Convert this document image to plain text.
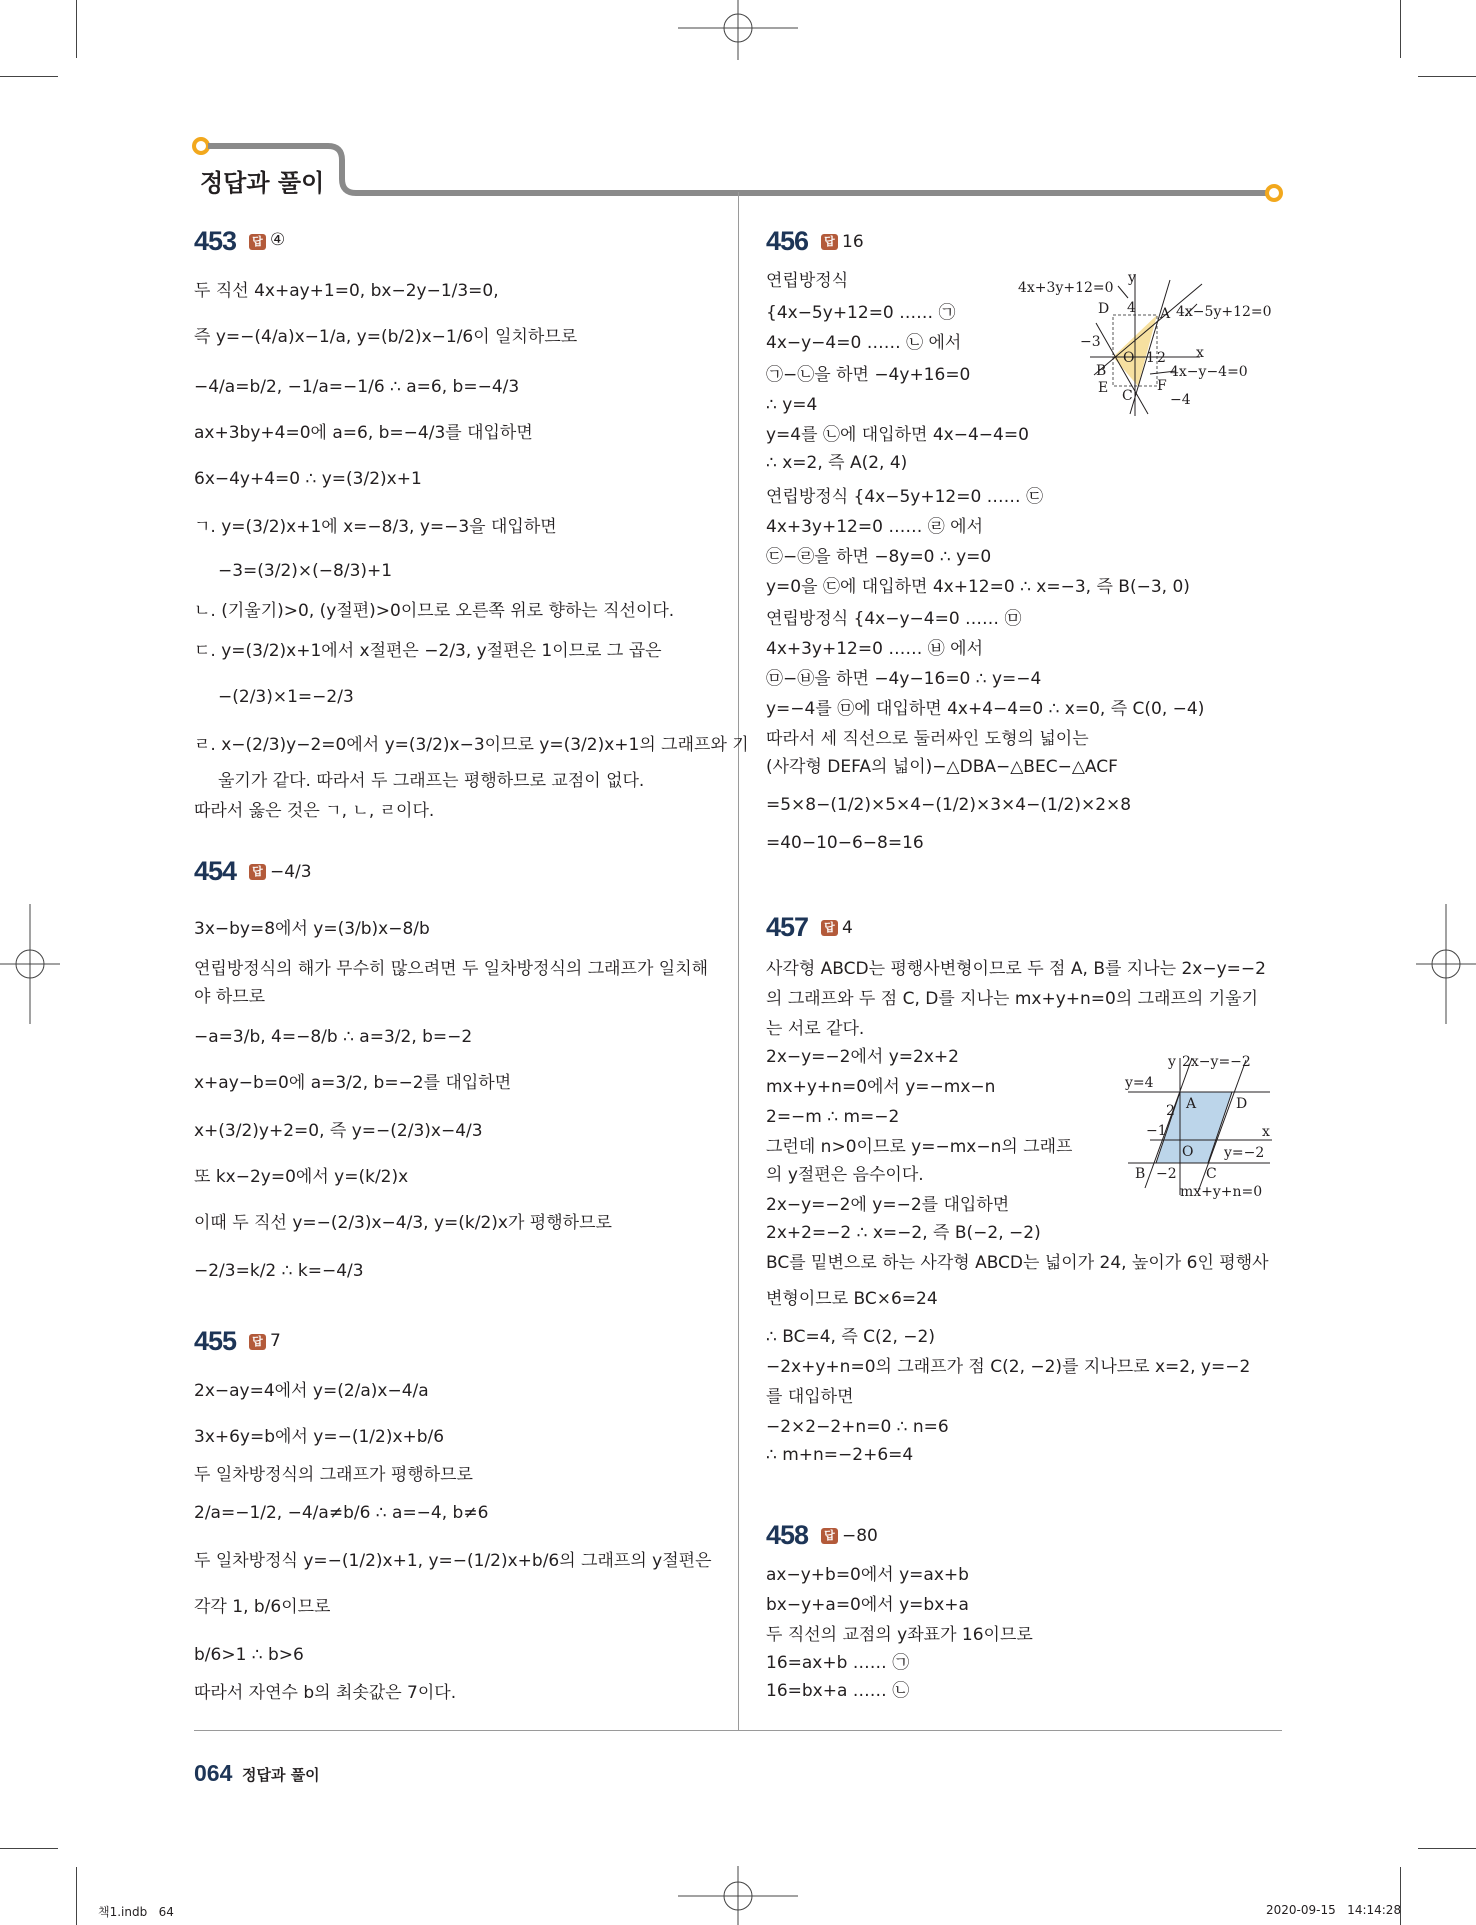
정답과 풀이
453 답 ④
두 직선 4x+ay+1=0, bx−2y−1/3=0,
즉 y=−(4/a)x−1/a, y=(b/2)x−1/6이 일치하므로
−4/a=b/2, −1/a=−1/6 ∴ a=6, b=−4/3
ax+3by+4=0에 a=6, b=−4/3를 대입하면
6x−4y+4=0 ∴ y=(3/2)x+1
ㄱ. y=(3/2)x+1에 x=−8/3, y=−3을 대입하면
−3=(3/2)×(−8/3)+1
ㄴ. (기울기)>0, (y절편)>0이므로 오른쪽 위로 향하는 직선이다.
ㄷ. y=(3/2)x+1에서 x절편은 −2/3, y절편은 1이므로 그 곱은
−(2/3)×1=−2/3
ㄹ. x−(2/3)y−2=0에서 y=(3/2)x−3이므로 y=(3/2)x+1의 그래프와 기
울기가 같다. 따라서 두 그래프는 평행하므로 교점이 없다.
따라서 옳은 것은 ㄱ, ㄴ, ㄹ이다.
454 답 −4/3
3x−by=8에서 y=(3/b)x−8/b
연립방정식의 해가 무수히 많으려면 두 일차방정식의 그래프가 일치해
야 하므로
−a=3/b, 4=−8/b ∴ a=3/2, b=−2
x+ay−b=0에 a=3/2, b=−2를 대입하면
x+(3/2)y+2=0, 즉 y=−(2/3)x−4/3
또 kx−2y=0에서 y=(k/2)x
이때 두 직선 y=−(2/3)x−4/3, y=(k/2)x가 평행하므로
−2/3=k/2 ∴ k=−4/3
455 답 7
2x−ay=4에서 y=(2/a)x−4/a
3x+6y=b에서 y=−(1/2)x+b/6
두 일차방정식의 그래프가 평행하므로
2/a=−1/2, −4/a≠b/6 ∴ a=−4, b≠6
두 일차방정식 y=−(1/2)x+1, y=−(1/2)x+b/6의 그래프의 y절편은
각각 1, b/6이므로
b/6>1 ∴ b>6
따라서 자연수 b의 최솟값은 7이다.
456 답 16
연립방정식
{4x−5y+12=0 …… ㉠
4x−y−4=0 …… ㉡ 에서
㉠−㉡을 하면 −4y+16=0
∴ y=4
y=4를 ㉡에 대입하면 4x−4−4=0
∴ x=2, 즉 A(2, 4)
연립방정식 {4x−5y+12=0 …… ㉢
4x+3y+12=0 …… ㉣ 에서
㉢−㉣을 하면 −8y=0 ∴ y=0
y=0을 ㉢에 대입하면 4x+12=0 ∴ x=−3, 즉 B(−3, 0)
연립방정식 {4x−y−4=0 …… ㉤
4x+3y+12=0 …… ㉥ 에서
㉤−㉥을 하면 −4y−16=0 ∴ y=−4
y=−4를 ㉤에 대입하면 4x+4−4=0 ∴ x=0, 즉 C(0, −4)
따라서 세 직선으로 둘러싸인 도형의 넓이는
(사각형 DEFA의 넓이)−△DBA−△BEC−△ACF
=5×8−(1/2)×5×4−(1/2)×3×4−(1/2)×2×8
=40−10−6−8=16
4x+3y+12=0
4x−5y+12=0
4x−y−4=0
y
x
D	A
B
O
E C
F
4
−3
1 2
−4
457 답 4
사각형 ABCD는 평행사변형이므로 두 점 A, B를 지나는 2x−y=−2
의 그래프와 두 점 C, D를 지나는 mx+y+n=0의 그래프의 기울기
는 서로 같다.
2x−y=−2에서 y=2x+2
mx+y+n=0에서 y=−mx−n
2=−m ∴ m=−2
그런데 n>0이므로 y=−mx−n의 그래프
의 y절편은 음수이다.
2x−y=−2에 y=−2를 대입하면
2x+2=−2 ∴ x=−2, 즉 B(−2, −2)
BC를 밑변으로 하는 사각형 ABCD는 넓이가 24, 높이가 6인 평행사
변형이므로 BC×6=24
∴ BC=4, 즉 C(2, −2)
−2x+y+n=0의 그래프가 점 C(2, −2)를 지나므로 x=2, y=−2
를 대입하면
−2×2−2+n=0 ∴ n=6
∴ m+n=−2+6=4
y 2x−y=−2
y=4
y=−2
mx+y+n=0
x
A	D
O
B	C
2
−1
−2
458 답 −80
ax−y+b=0에서 y=ax+b
bx−y+a=0에서 y=bx+a
두 직선의 교점의 y좌표가 16이므로
16=ax+b …… ㉠
16=bx+a …… ㉡
064 정답과 풀이
책1.indb   64	2020-09-15   14:14:28
